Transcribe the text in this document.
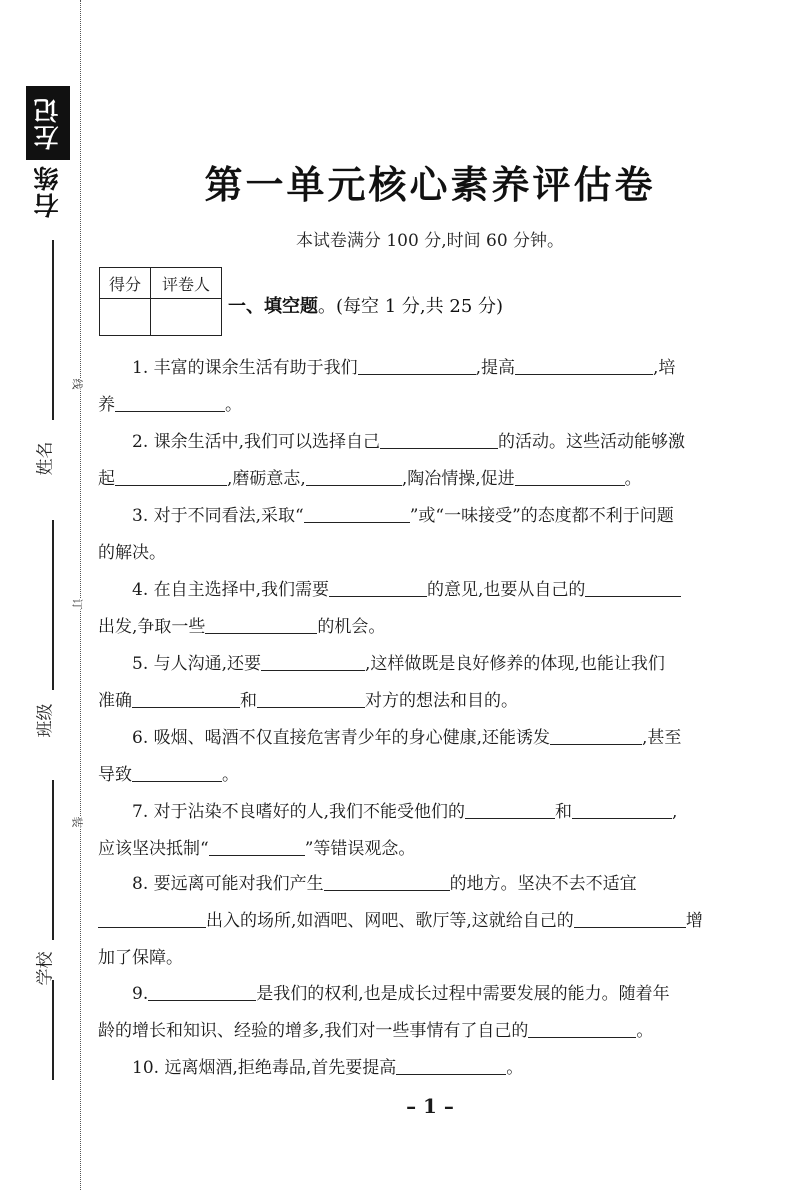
左记
右练
姓名
班级
学校
线
订
装
第一单元核心素养评估卷
本试卷满分 100 分,时间 60 分钟。
得分	评卷人

一、填空题。(每空 1 分,共 25 分)
1. 丰富的课余生活有助于我们	,提高	,培
养	。
2. 课余生活中,我们可以选择自己	的活动。这些活动能够激
起	,磨砺意志,	,陶冶情操,促进	。
3. 对于不同看法,采取“	”或“一味接受”的态度都不利于问题
的解决。
4. 在自主选择中,我们需要	的意见,也要从自己的
出发,争取一些	的机会。
5. 与人沟通,还要	,这样做既是良好修养的体现,也能让我们
准确	和	对方的想法和目的。
6. 吸烟、喝酒不仅直接危害青少年的身心健康,还能诱发	,甚至
导致	。
7. 对于沾染不良嗜好的人,我们不能受他们的	和	,
应该坚决抵制“	”等错误观念。
8. 要远离可能对我们产生	的地方。坚决不去不适宜
出入的场所,如酒吧、网吧、歌厅等,这就给自己的	增
加了保障。
9.	是我们的权利,也是成长过程中需要发展的能力。随着年
龄的增长和知识、经验的增多,我们对一些事情有了自己的	。
10. 远离烟酒,拒绝毒品,首先要提高	。
– 1 –
